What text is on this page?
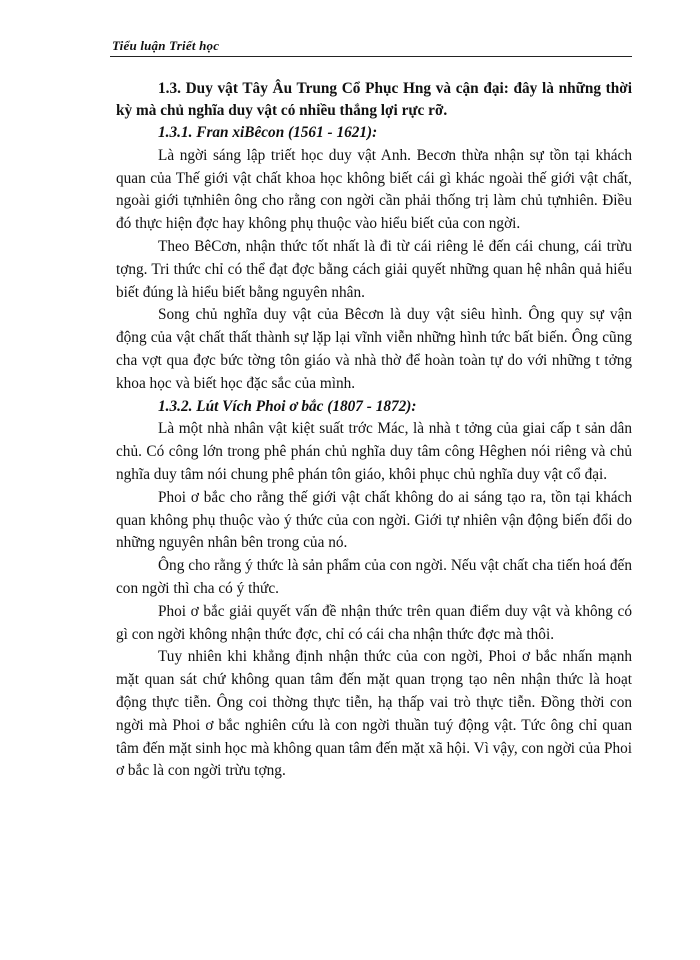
Tiểu luận Triết học

1.3. Duy vật Tây Âu Trung Cổ Phục Hng và cận đại: đây là những thời kỳ mà chủ nghĩa duy vật có nhiều thắng lợi rực rỡ.

1.3.1. Fran xiBêcon (1561 - 1621):

Là ngời sáng lập triết học duy vật Anh. Becơn thừa nhận sự tồn tại khách quan của Thế giới vật chất khoa học không biết cái gì khác ngoài thế giới vật chất, ngoài giới tựnhiên ông cho rằng con ngời cần phải thống trị làm chủ tựnhiên. Điều đó thực hiện đợc hay không phụ thuộc vào hiểu biết của con ngời.

Theo BêCơn, nhận thức tốt nhất là đi từ cái riêng lẻ đến cái chung, cái trừu tợng. Tri thức chỉ có thể đạt đợc bằng cách giải quyết những quan hệ nhân quả hiểu biết đúng là hiểu biết bằng nguyên nhân.

Song chủ nghĩa duy vật của Bêcơn là duy vật siêu hình. Ông quy sự vận động của vật chất thất thành sự lặp lại vĩnh viễn những hình tức bất biến. Ông cũng cha vợt qua đợc bức tờng tôn giáo và nhà thờ để hoàn toàn tự do với những t tởng khoa học và biết học đặc sắc của mình.

1.3.2. Lút Vích Phoi ơ bắc (1807 - 1872):

Là một nhà nhân vật kiệt suất trớc Mác, là nhà t tởng của giai cấp t sản dân chủ. Có công lớn trong phê phán chủ nghĩa duy tâm công Hêghen nói riêng và chủ nghĩa duy tâm nói chung phê phán tôn giáo, khôi phục chủ nghĩa duy vật cổ đại.

Phoi ơ bắc cho rằng thế giới vật chất không do ai sáng tạo ra, tồn tại khách quan không phụ thuộc vào ý thức của con ngời. Giới tự nhiên vận động biến đổi do những nguyên nhân bên trong của nó.

Ông cho rằng ý thức là sản phẩm của con ngời. Nếu vật chất cha tiến hoá đến con ngời thì cha có ý thức.

Phoi ơ bắc giải quyết vấn đề nhận thức trên quan điểm duy vật và không có gì con ngời không nhận thức đợc, chỉ có cái cha nhận thức đợc mà thôi.

Tuy nhiên khi khẳng định nhận thức của con ngời, Phoi ơ bắc nhấn mạnh mặt quan sát chứ không quan tâm đến mặt quan trọng tạo nên nhận thức là hoạt động thực tiễn. Ông coi thờng thực tiễn, hạ thấp vai trò thực tiễn. Đồng thời con ngời mà Phoi ơ bắc nghiên cứu là con ngời thuần tuý động vật. Tức ông chỉ quan tâm đến mặt sinh học mà không quan tâm đến mặt xã hội. Vì vậy, con ngời của Phoi ơ bắc là con ngời trừu tợng.
